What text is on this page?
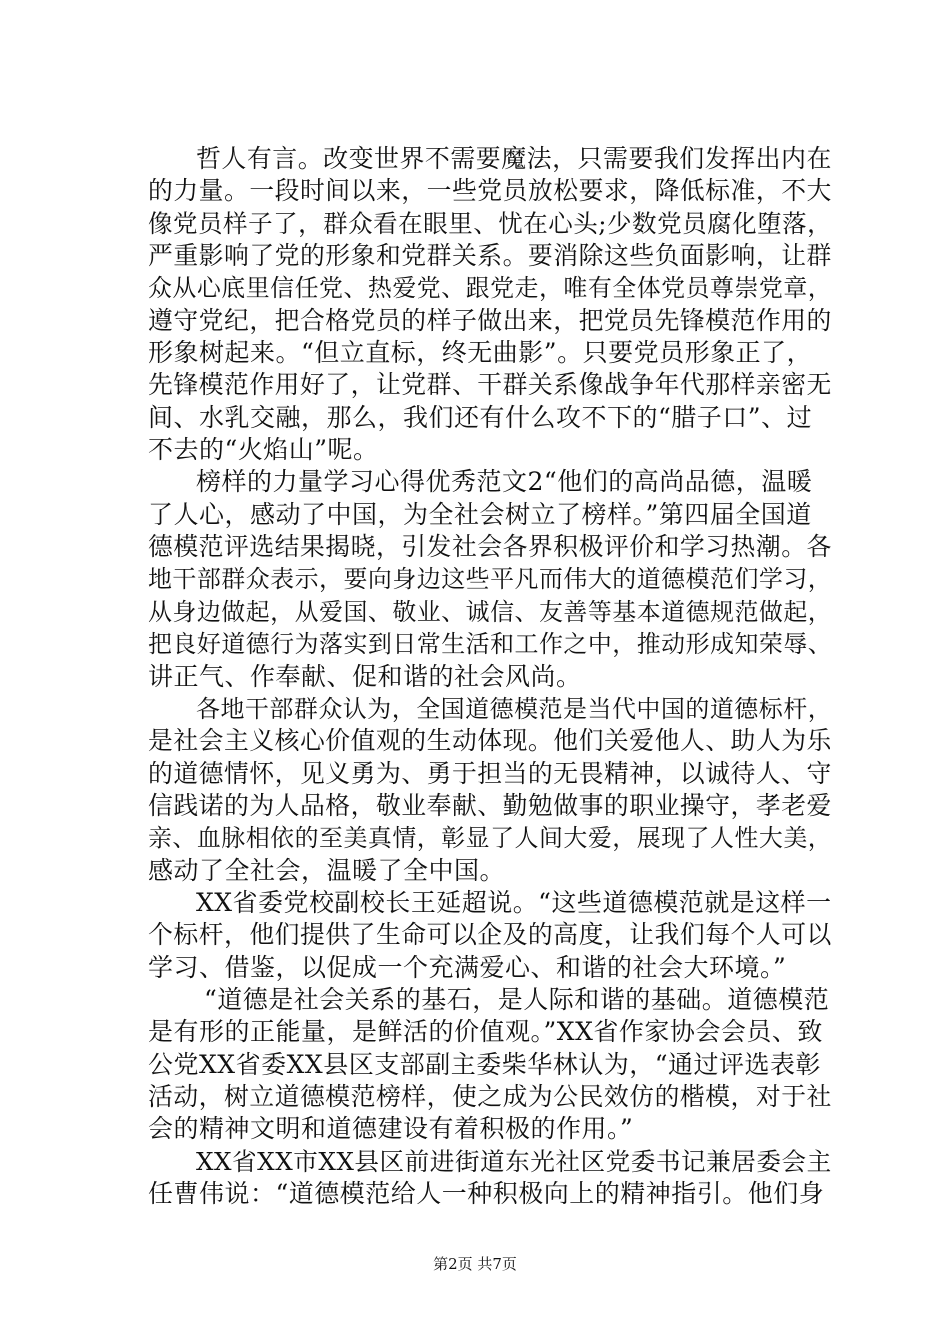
哲人有言。改变世界不需要魔法，只需要我们发挥出内在
的力量。一段时间以来，一些党员放松要求，降低标准，不大
像党员样子了，群众看在眼里、忧在心头;少数党员腐化堕落，
严重影响了党的形象和党群关系。要消除这些负面影响，让群
众从心底里信任党、热爱党、跟党走，唯有全体党员尊崇党章，
遵守党纪，把合格党员的样子做出来，把党员先锋模范作用的
形象树起来。“但立直标，终无曲影”。只要党员形象正了，
先锋模范作用好了，让党群、干群关系像战争年代那样亲密无
间、水乳交融，那么，我们还有什么攻不下的“腊子口”、过
不去的“火焰山”呢。
榜样的力量学习心得优秀范文2“他们的高尚品德，温暖
了人心，感动了中国，为全社会树立了榜样。”第四届全国道
德模范评选结果揭晓，引发社会各界积极评价和学习热潮。各
地干部群众表示，要向身边这些平凡而伟大的道德模范们学习，
从身边做起，从爱国、敬业、诚信、友善等基本道德规范做起，
把良好道德行为落实到日常生活和工作之中，推动形成知荣辱、
讲正气、作奉献、促和谐的社会风尚。
各地干部群众认为，全国道德模范是当代中国的道德标杆，
是社会主义核心价值观的生动体现。他们关爱他人、助人为乐
的道德情怀，见义勇为、勇于担当的无畏精神，以诚待人、守
信践诺的为人品格，敬业奉献、勤勉做事的职业操守，孝老爱
亲、血脉相依的至美真情，彰显了人间大爱，展现了人性大美，
感动了全社会，温暖了全中国。
XX省委党校副校长王延超说。“这些道德模范就是这样一
个标杆，他们提供了生命可以企及的高度，让我们每个人可以
学习、借鉴，以促成一个充满爱心、和谐的社会大环境。”
“道德是社会关系的基石，是人际和谐的基础。道德模范
是有形的正能量，是鲜活的价值观。”XX省作家协会会员、致
公党XX省委XX县区支部副主委柴华林认为，“通过评选表彰
活动，树立道德模范榜样，使之成为公民效仿的楷模，对于社
会的精神文明和道德建设有着积极的作用。”
XX省XX市XX县区前进街道东光社区党委书记兼居委会主
任曹伟说：“道德模范给人一种积极向上的精神指引。他们身
第2页 共7页
